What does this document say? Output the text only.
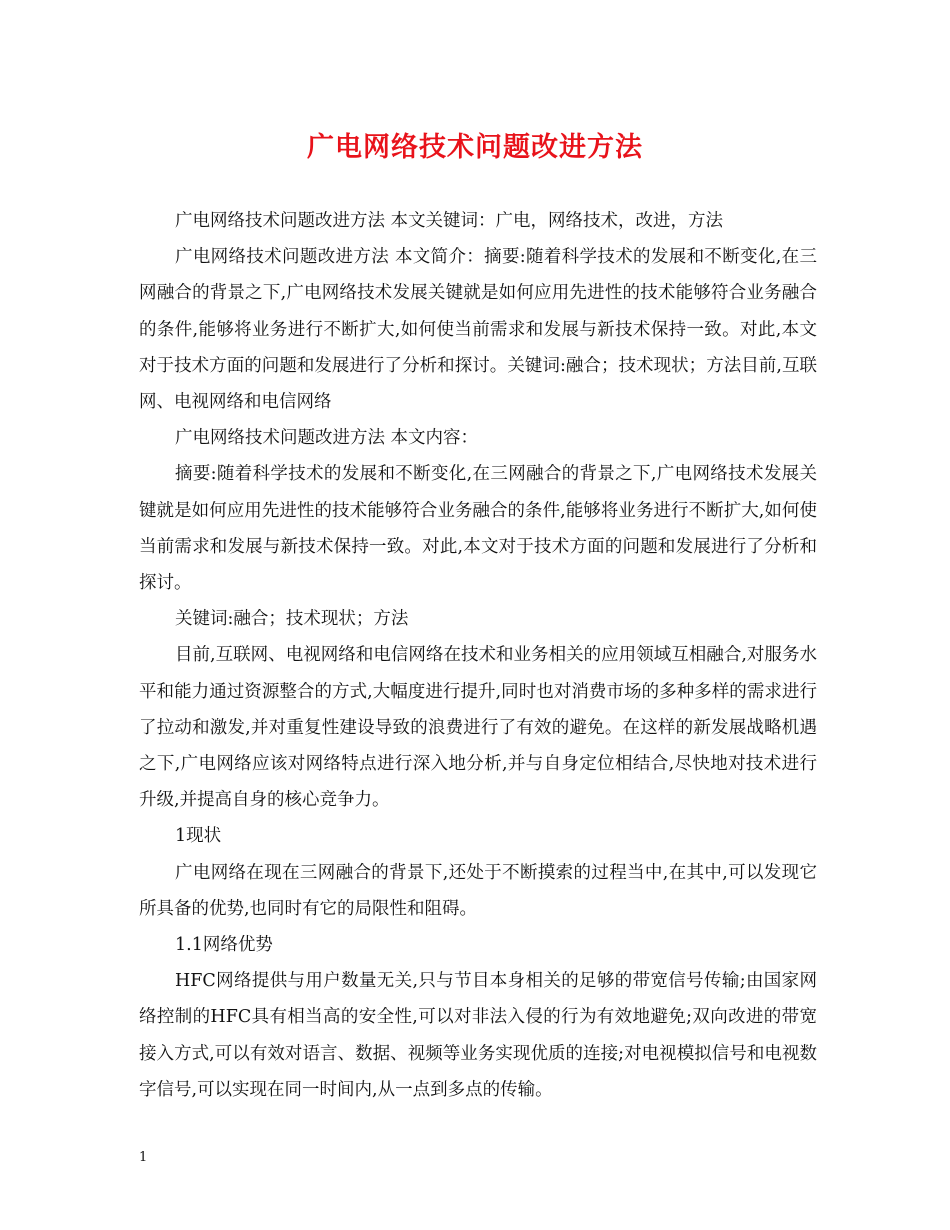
广电网络技术问题改进方法

广电网络技术问题改进方法 本文关键词：广电，网络技术，改进，方法

广电网络技术问题改进方法 本文简介：摘要:随着科学技术的发展和不断变化,在三网融合的背景之下,广电网络技术发展关键就是如何应用先进性的技术能够符合业务融合的条件,能够将业务进行不断扩大,如何使当前需求和发展与新技术保持一致。对此,本文对于技术方面的问题和发展进行了分析和探讨。关键词:融合；技术现状；方法目前,互联网、电视网络和电信网络

广电网络技术问题改进方法 本文内容：

摘要:随着科学技术的发展和不断变化,在三网融合的背景之下,广电网络技术发展关键就是如何应用先进性的技术能够符合业务融合的条件,能够将业务进行不断扩大,如何使当前需求和发展与新技术保持一致。对此,本文对于技术方面的问题和发展进行了分析和探讨。

关键词:融合；技术现状；方法

目前,互联网、电视网络和电信网络在技术和业务相关的应用领域互相融合,对服务水平和能力通过资源整合的方式,大幅度进行提升,同时也对消费市场的多种多样的需求进行了拉动和激发,并对重复性建设导致的浪费进行了有效的避免。在这样的新发展战略机遇之下,广电网络应该对网络特点进行深入地分析,并与自身定位相结合,尽快地对技术进行升级,并提高自身的核心竞争力。

1现状

广电网络在现在三网融合的背景下,还处于不断摸索的过程当中,在其中,可以发现它所具备的优势,也同时有它的局限性和阻碍。

1.1网络优势

HFC网络提供与用户数量无关,只与节目本身相关的足够的带宽信号传输;由国家网络控制的HFC具有相当高的安全性,可以对非法入侵的行为有效地避免;双向改进的带宽接入方式,可以有效对语言、数据、视频等业务实现优质的连接;对电视模拟信号和电视数字信号,可以实现在同一时间内,从一点到多点的传输。

1
